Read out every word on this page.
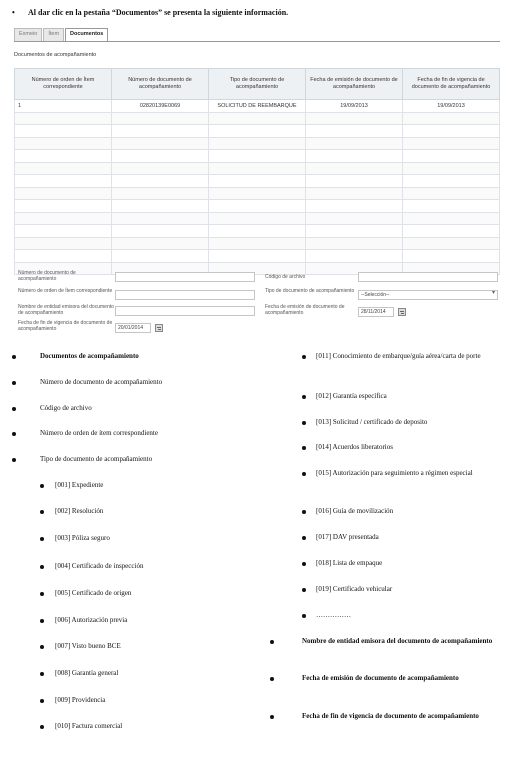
• Al dar clic en la pestaña “Documentos” se presenta la siguiente información.
Exmeio	Ítem	Documentos
Documentos de acompañamiento
Número de orden de Ítem correspondiente	Número de documento de acompañamiento	Tipo de documento de acompañamiento	Fecha de emisión de documento de acompañamiento	Fecha de fin de vigencia de documento de acompañamiento
1	02820139E0069	SOLICITUD DE REEMBARQUE	19/09/2013	19/09/2013

Número de documento de acompañamiento
Número de orden de Ítem correspondiente
Nombre de entidad emisora del documento de acompañamiento
Fecha de fin de vigencia de documento de acompañamiento	20/01/2014
Código de archivo
Tipo de documento de acompañamiento
--Selección--	▾
Fecha de emisión de documento de acompañamiento	28/11/2014
Documentos de acompañamiento
Número de documento de acompañamiento
Código de archivo
Número de orden de ítem correspondiente
Tipo de documento de acompañamiento
[001] Expediente
[002] Resolución
[003] Póliza seguro
[004] Certificado de inspección
[005] Certificado de origen
[006] Autorización previa
[007] Visto bueno BCE
[008] Garantía general
[009] Providencia
[010] Factura comercial
[011] Conocimiento de embarque/guía aérea/carta de porte
[012] Garantía específica
[013] Solicitud / certificado de deposito
[014] Acuerdos liberatorios
[015] Autorización para seguimiento a régimen especial
[016] Guía de movilización
[017] DAV presentada
[018] Lista de empaque
[019] Certificado vehicular
……………
Nombre de entidad emisora del documento de acompañamiento
Fecha de emisión de documento de acompañamiento
Fecha de fin de vigencia de documento de acompañamiento
